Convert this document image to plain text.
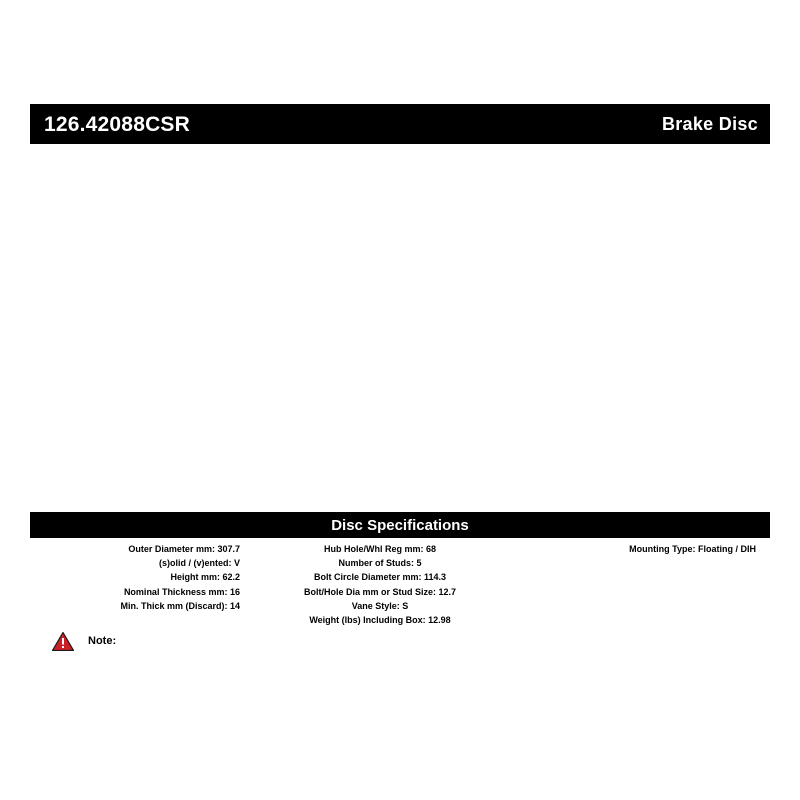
126.42088CSR	Brake Disc
Disc Specifications
Outer Diameter mm: 307.7
(s)olid / (v)ented: V
Height mm: 62.2
Nominal Thickness mm: 16
Min. Thick mm (Discard): 14
Hub Hole/Whl Reg mm: 68
Number of Studs: 5
Bolt Circle Diameter mm: 114.3
Bolt/Hole Dia mm or Stud Size: 12.7
Vane Style: S
Weight (lbs) Including Box: 12.98
Mounting Type: Floating / DIH
Note:
